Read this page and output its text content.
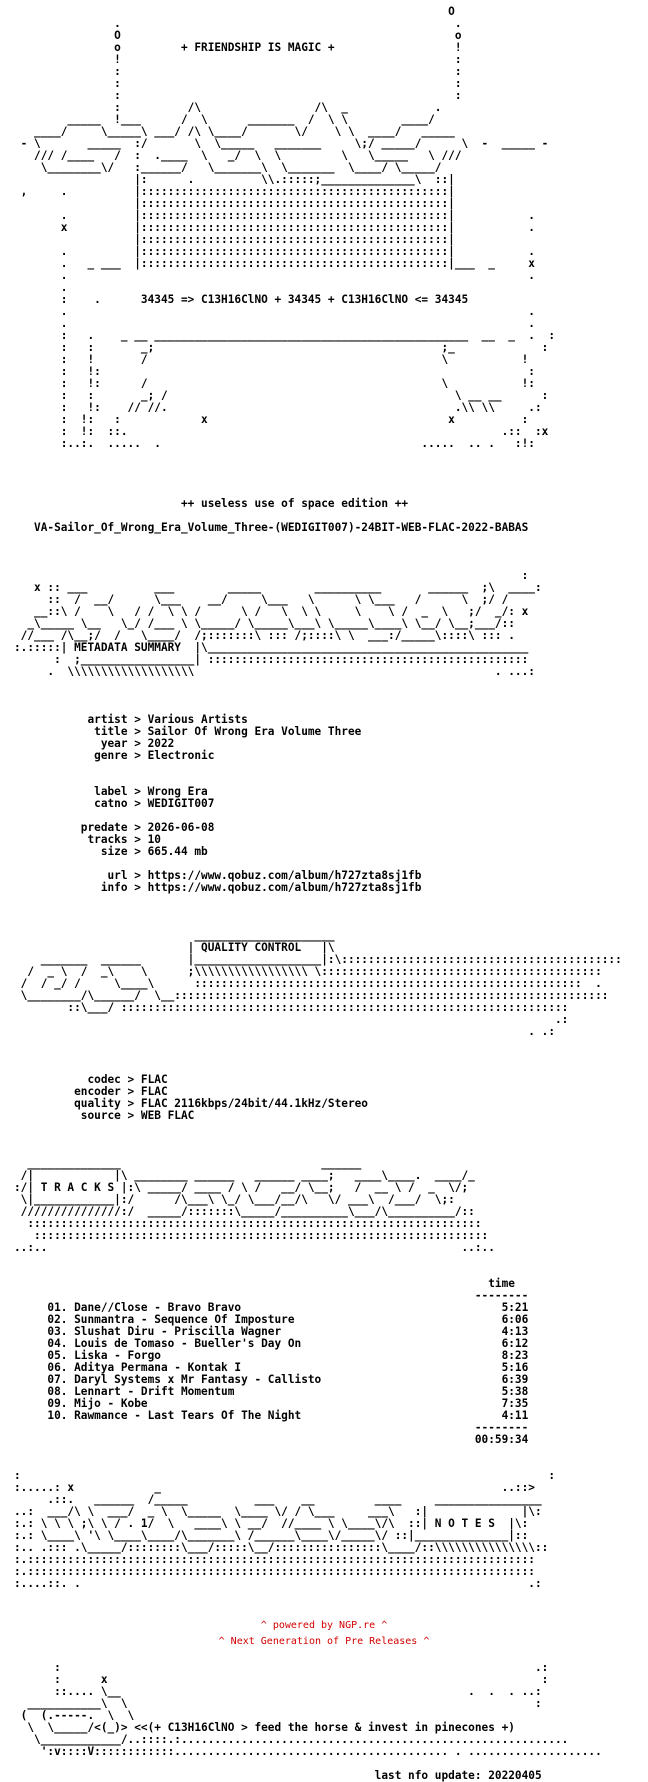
O
.                                                  .
O                                                  o
o         + FRIENDSHIP IS MAGIC +                  !
!                                                  :
:                                                  :
:                                                  :
:                                                  :
:          /\                 /\  _             .
_____  !___      /  \      _______  /  \ \        ____/
____/     \_____\ ___/ /\ \____/       \/    \ \  ____/   _____
- \       _____  :/       \  \_____   _______     \;/ _____/      \  -  _____ -
/// /____   /  :  .____  \   _/  \  \         \   \_____   \ ///
\________\/   :______/   \_______\  \_______  \____/ \_____/
|:      .          \\.:::::;______________\  ::|
,     .          |::::::::::::::::::::::::::::::::::::::::::::::|
|::::::::::::::::::::::::::::::::::::::::::::::|
.          |::::::::::::::::::::::::::::::::::::::::::::::|           .
x          |::::::::::::::::::::::::::::::::::::::::::::::|           .
|::::::::::::::::::::::::::::::::::::::::::::::|
.          |::::::::::::::::::::::::::::::::::::::::::::::|           .
.   _ ___  |::::::::::::::::::::::::::::::::::::::::::::::|___  _     x
.                                                                     .
.
:    .      34345 => C13H16ClNO + 34345 + C13H16ClNO <= 34345
.                                                                     .
.                                                                     .
:   .    _ __ _______________________________________________  __  _  .  :
:   :       _;                                           ;_             :
:   !       /                                            \           !
:   !:                                                                :
:   !:      /                                            \           !:
:   :       _; /                                           \ __ __      :
:   !:    // //.                                           .\\ \\     .:
:  !:   :            x                                    x          :
:  !:  ::.                                                        .::  :x
:..:.  .....  .                                       .....  .. .   :!:

++ useless use of space edition ++

VA-Sailor_Of_Wrong_Era_Volume_Three-(WEDIGIT007)-24BIT-WEB-FLAC-2022-BABAS

:
x :: ___          ___        _____        __________       ______  ;\  ____:
::  /  __/      \___    __/     \___   \      \ \___   /      \  ;/ /
__::\ /    \   / /  \ \ /      \ /   \  \ \     \    \ /  _  \   ;/  _/: x
_\_____ \__   \_/ /___ \ \_____/ \_____\___\ \_____\____\ \__/ \__;___/::
//___ /\__;/  /   \____/  /;:::::::\ ::: /;::::\ \  ___:/_____\::::\ ::: .
:.:::::| METADATA SUMMARY  |\________________________________________________
:  ;_________________| ::::::::::::::::::::::::::::::::::::::::::::::::
.  \\\\\\\\\\\\\\\\\\\                                             . ...:

artist > Various Artists
title > Sailor Of Wrong Era Volume Three
year > 2022
genre > Electronic

label > Wrong Era
catno > WEDIGIT007

predate > 2026-06-08
tracks > 10
size > 665.44 mb

url > https://www.qobuz.com/album/h727zta8sj1fb
info > https://www.qobuz.com/album/h727zta8sj1fb

_____________________
| QUALITY CONTROL   |\
_______  ______       |___________________|:\::::::::::::::::::::::::::::::::::::::::::
/  _ \  /  _\    \      ;\\\\\\\\\\\\\\\\\ \::::::::::::::::::::::::::::::::::::::::::
/  / _/ /     \____\      ::::::::::::::::::::::::::::::::::::::::::::::::::::::::::  .
\________/\______/  \__:::::::::::::::::::::::::::::::::::::::::::::::::::::::::::::::::
::\___/ :::::::::::::::::::::::::::::::::::::::::::::::::::::::::::::::::::
.:
. .:

codec > FLAC
encoder > FLAC
quality > FLAC 2116kbps/24bit/44.1kHz/Stereo
source > WEB FLAC

______________                              ______
/|            |\ ________ ______   ______ ____;   ____\____.  ____/_
:/| T R A C K S |:\ _____/ ____ / \ /   __/ \__;   /  __ \ /  _  \/;
\|____________|:/      /\___\ \_/ \___/__/\   \/ ___\  /___/  \;:
///////////////:/  _____/:::::::\_____/__________\___/\__________/::
::::::::::::::::::::::::::::::::::::::::::::::::::::::::::::::::::::
::::::::::::::::::::::::::::::::::::::::::::::::::::::::::::::::::::
..:..                                                              ..:..

time
--------
01. Dane//Close - Bravo Bravo                                       5:21
02. Sunmantra - Sequence Of Imposture                               6:06
03. Slushat Diru - Priscilla Wagner                                 4:13
04. Louis de Tomaso - Bueller's Day On                              6:12
05. Liska - Forgo                                                   8:23
06. Aditya Permana - Kontak I                                       5:16
07. Daryl Systems x Mr Fantasy - Callisto                           6:39
08. Lennart - Drift Momentum                                        5:38
09. Mijo - Kobe                                                     7:35
10. Rawmance - Last Tears Of The Night                              4:11
--------
00:59:34

:                                                                               :
:.....: x            _                                                   ..::>
.::.   ______  /_____          ___    __         ____     ________________
..:  ___/\ \  ___/  _ \  \_____  \____ \/ / \___     ___\   :|              |\:
:.: \ \ \ ;\ \ / . 1/  \   ____\ \ __/  //____ \ \____\/\  ::| N O T E S  |\:
:.: \____\ '\ \____\____/\_______\ /______\____\/_____\/ ::|______________|::
:.. .::: .\_____/::::::::\___/:::::\__/::::::::::::::::\____/::\\\\\\\\\\\\\\\::
:.::::::::::::::::::::::::::::::::::::::::::::::::::::::::::::::::::::::::::::
:.::::::::::::::::::::::::::::::::::::::::::::::::::::::::::::::::::::::::::::
:....::. .                                                                   .:

:                                                                       .:
:      x                                                                 :
::.... \__                                                    .  .  . ..:
___________\  \                                                             :
(  (.-----.  \  \
\  \_____/<(_)> <<(+ C13H16ClNO > feed the horse & invest in pinecones +)
\____________/..::::.:..........................................................
':v::::V::::::::::::......................................... . ....................

last nfo update: 20220405
^ powered by NGP.re ^
^ Next Generation of Pre Releases ^
